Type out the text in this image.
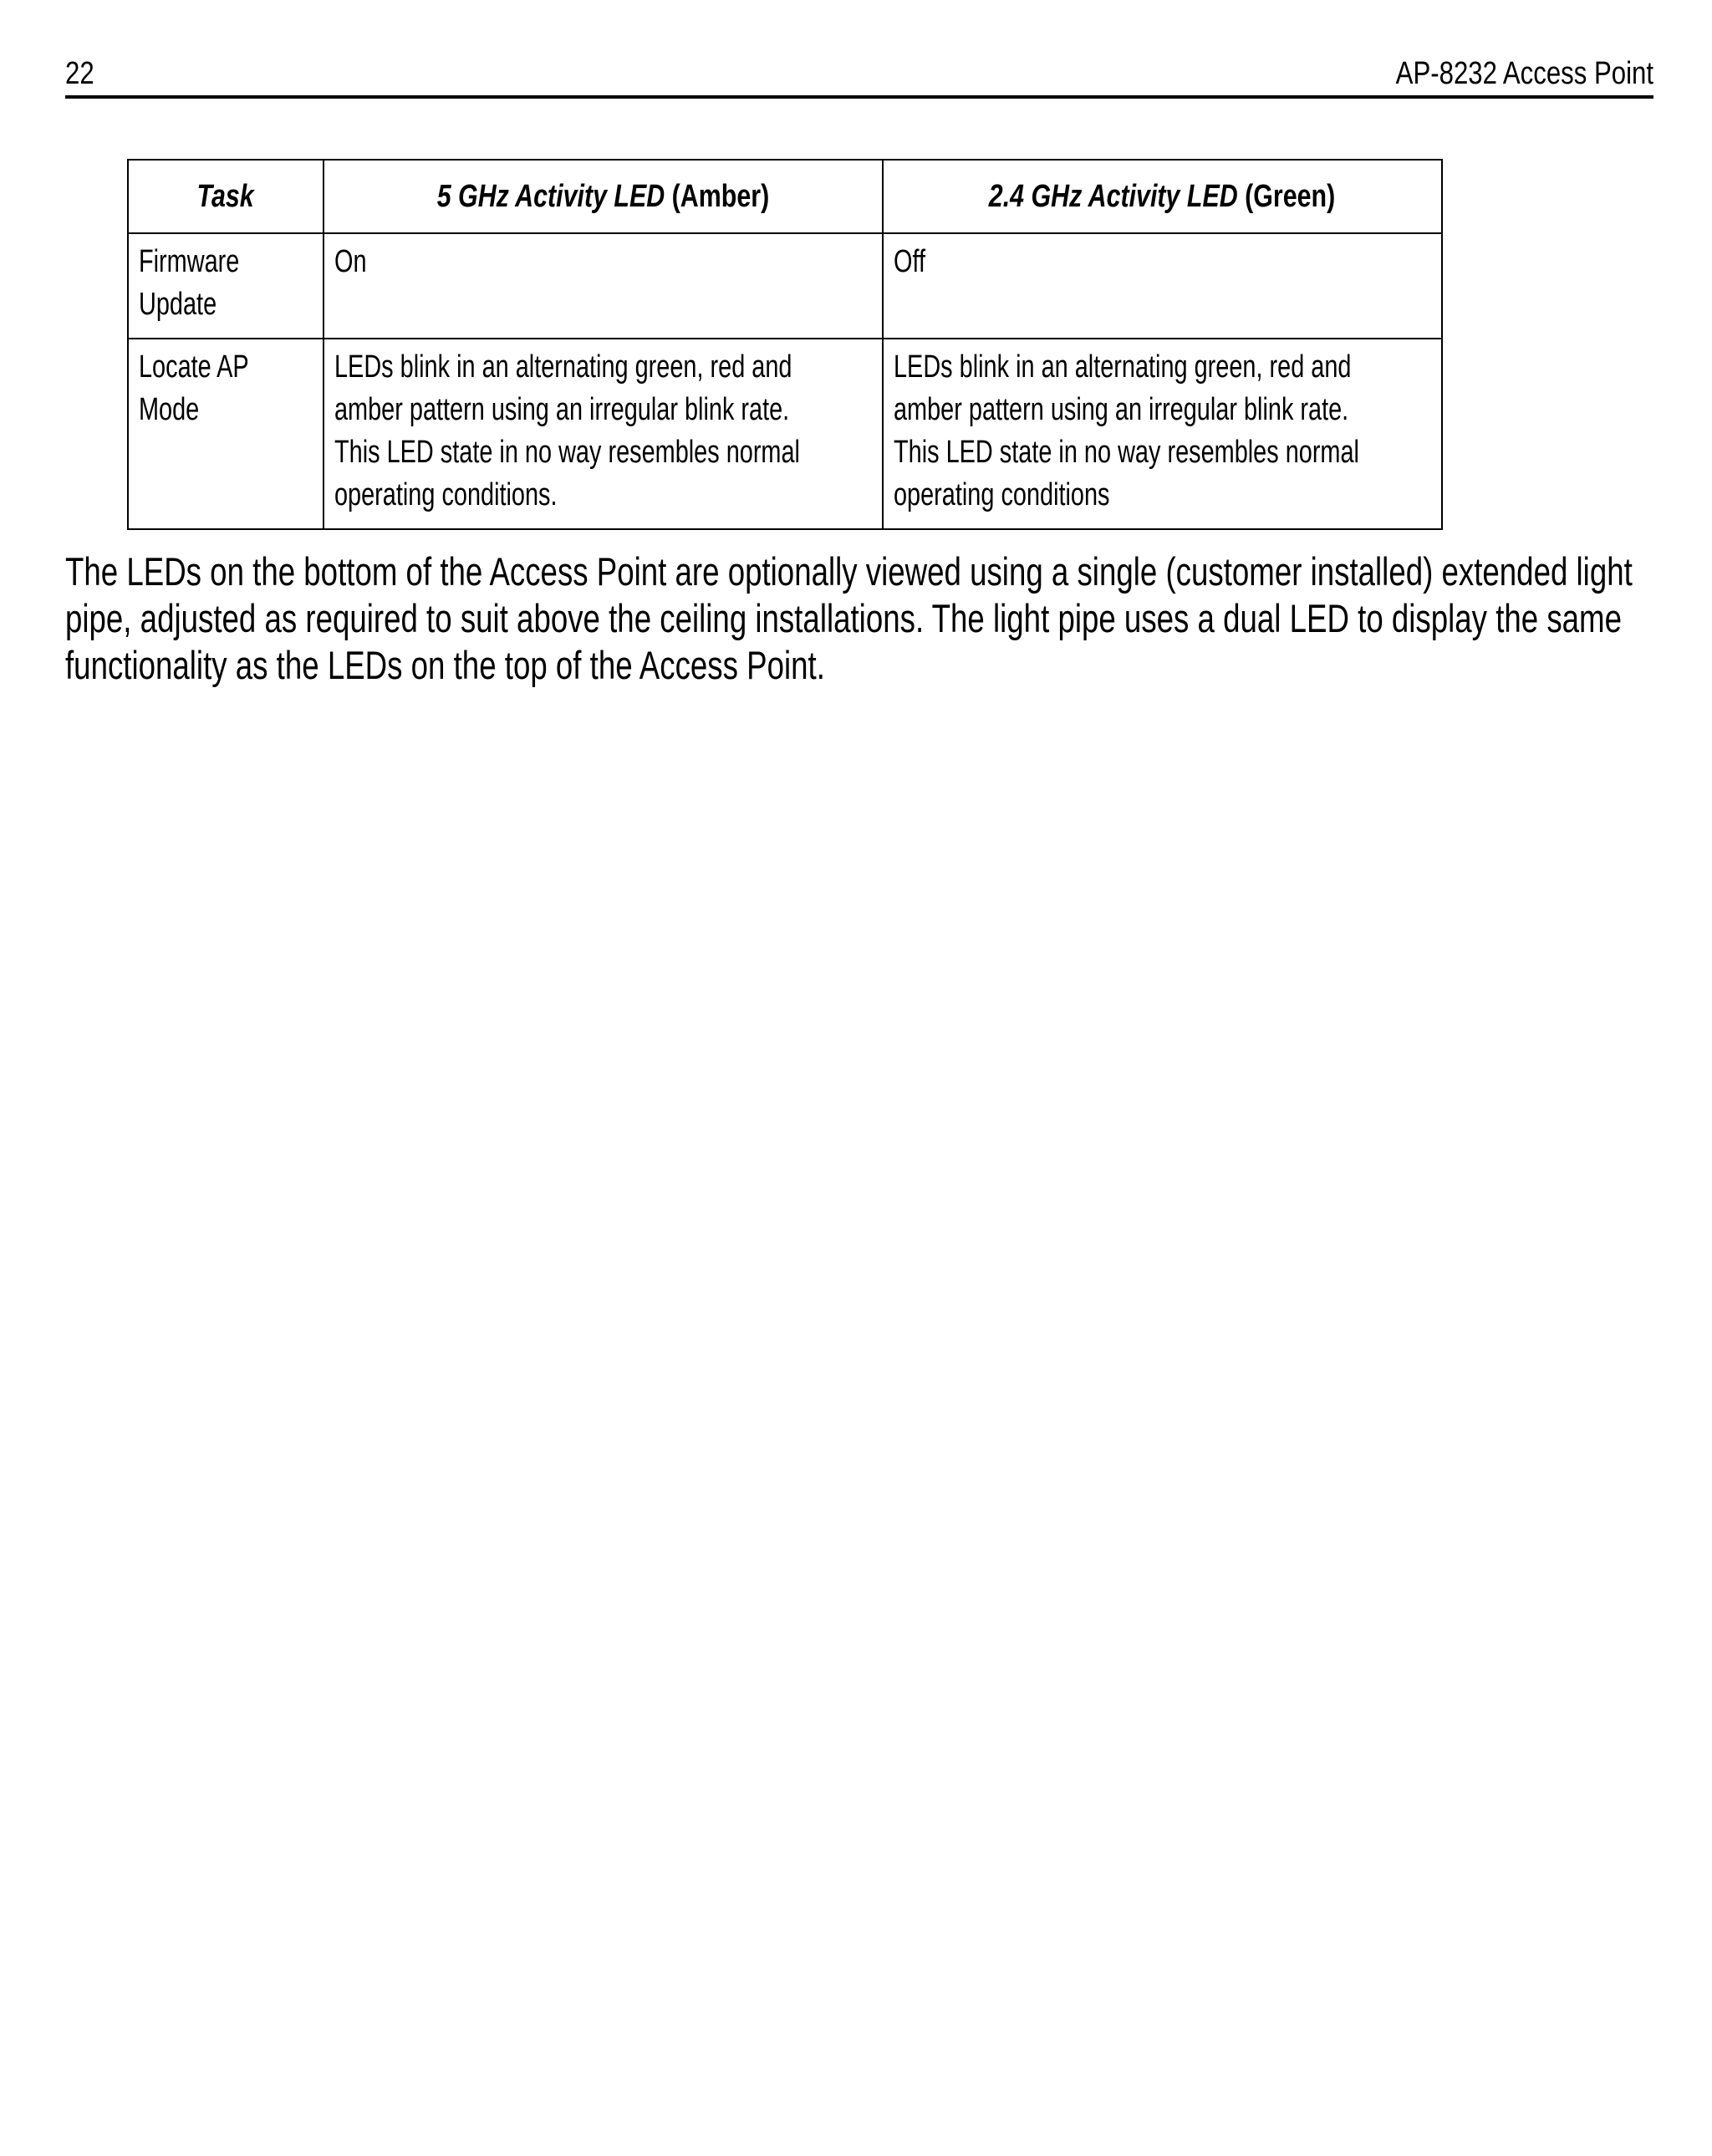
22	AP-8232 Access Point
Task	5 GHz Activity LED (Amber)	2.4 GHz Activity LED (Green)

Firmware
Update	On	Off

Locate AP
Mode	LEDs blink in an alternating green, red and
amber pattern using an irregular blink rate.
This LED state in no way resembles normal
operating conditions.	LEDs blink in an alternating green, red and
amber pattern using an irregular blink rate.
This LED state in no way resembles normal
operating conditions
The LEDs on the bottom of the Access Point are optionally viewed using a single (customer installed) extended light
pipe, adjusted as required to suit above the ceiling installations. The light pipe uses a dual LED to display the same
functionality as the LEDs on the top of the Access Point.
